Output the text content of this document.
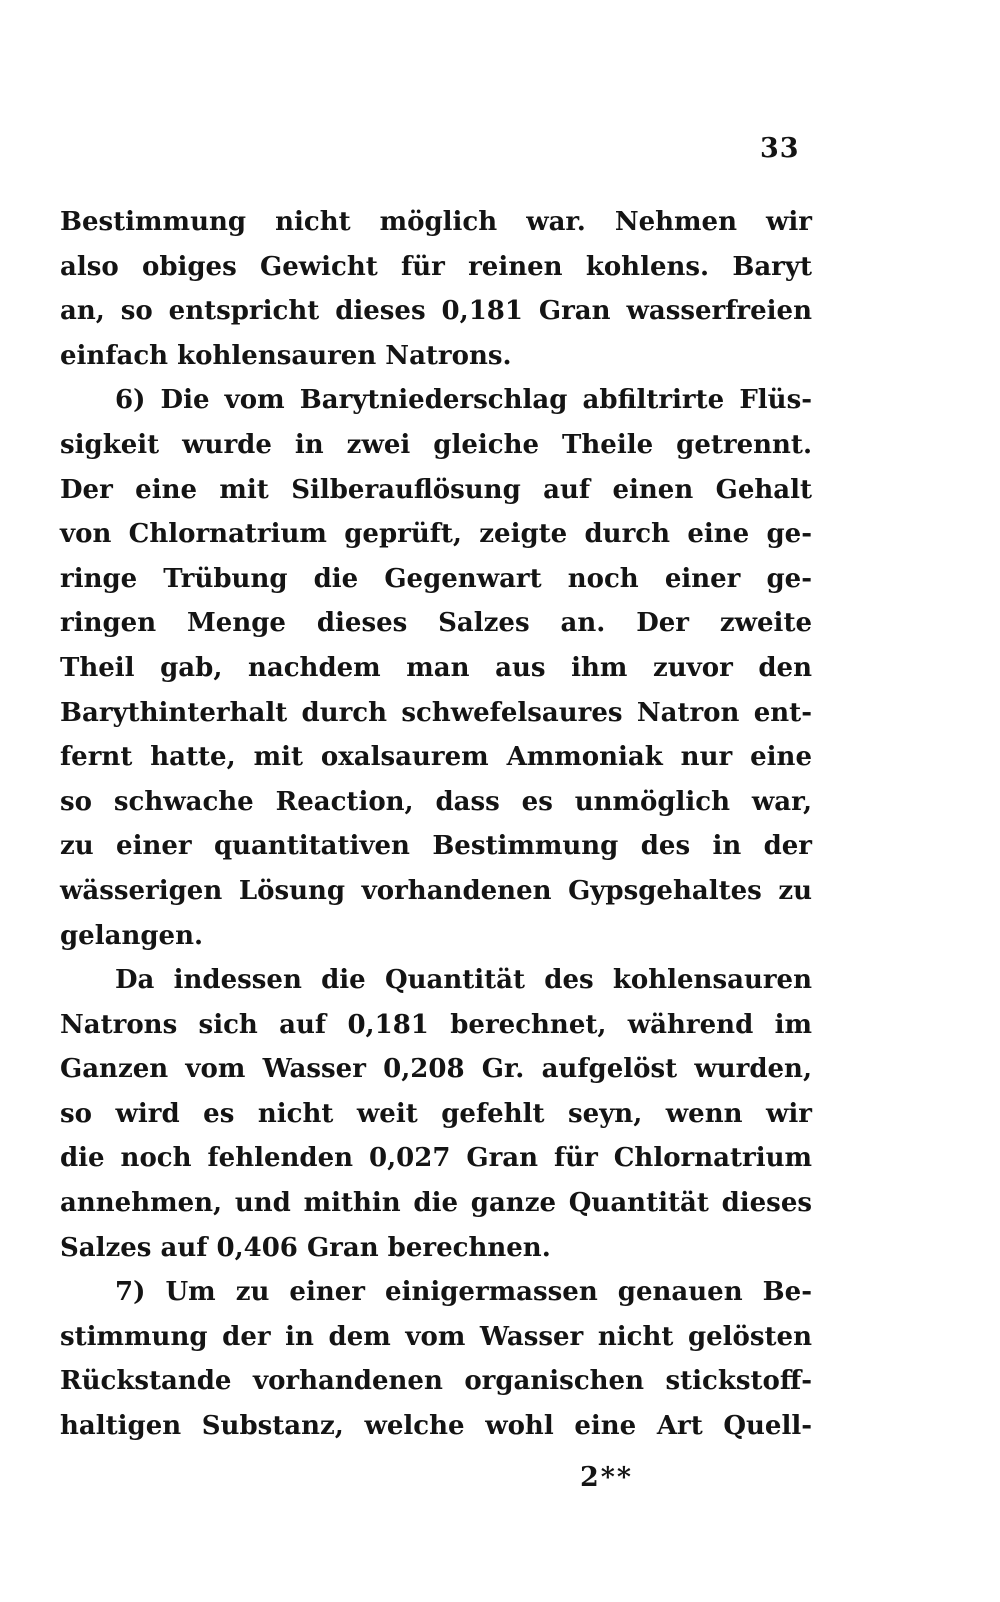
33
Bestimmung nicht möglich war. Nehmen wir
also obiges Gewicht für reinen kohlens. Baryt
an, so entspricht dieses 0,181 Gran wasserfreien
einfach kohlensauren Natrons.
6) Die vom Barytniederschlag abfiltrirte Flüs-
sigkeit wurde in zwei gleiche Theile getrennt.
Der eine mit Silberauflösung auf einen Gehalt
von Chlornatrium geprüft, zeigte durch eine ge-
ringe Trübung die Gegenwart noch einer ge-
ringen Menge dieses Salzes an. Der zweite
Theil gab, nachdem man aus ihm zuvor den
Barythinterhalt durch schwefelsaures Natron ent-
fernt hatte, mit oxalsaurem Ammoniak nur eine
so schwache Reaction, dass es unmöglich war,
zu einer quantitativen Bestimmung des in der
wässerigen Lösung vorhandenen Gypsgehaltes zu
gelangen.
Da indessen die Quantität des kohlensauren
Natrons sich auf 0,181 berechnet, während im
Ganzen vom Wasser 0,208 Gr. aufgelöst wurden,
so wird es nicht weit gefehlt seyn, wenn wir
die noch fehlenden 0,027 Gran für Chlornatrium
annehmen, und mithin die ganze Quantität dieses
Salzes auf 0,406 Gran berechnen.
7) Um zu einer einigermassen genauen Be-
stimmung der in dem vom Wasser nicht gelösten
Rückstande vorhandenen organischen stickstoff-
haltigen Substanz, welche wohl eine Art Quell-
2**
